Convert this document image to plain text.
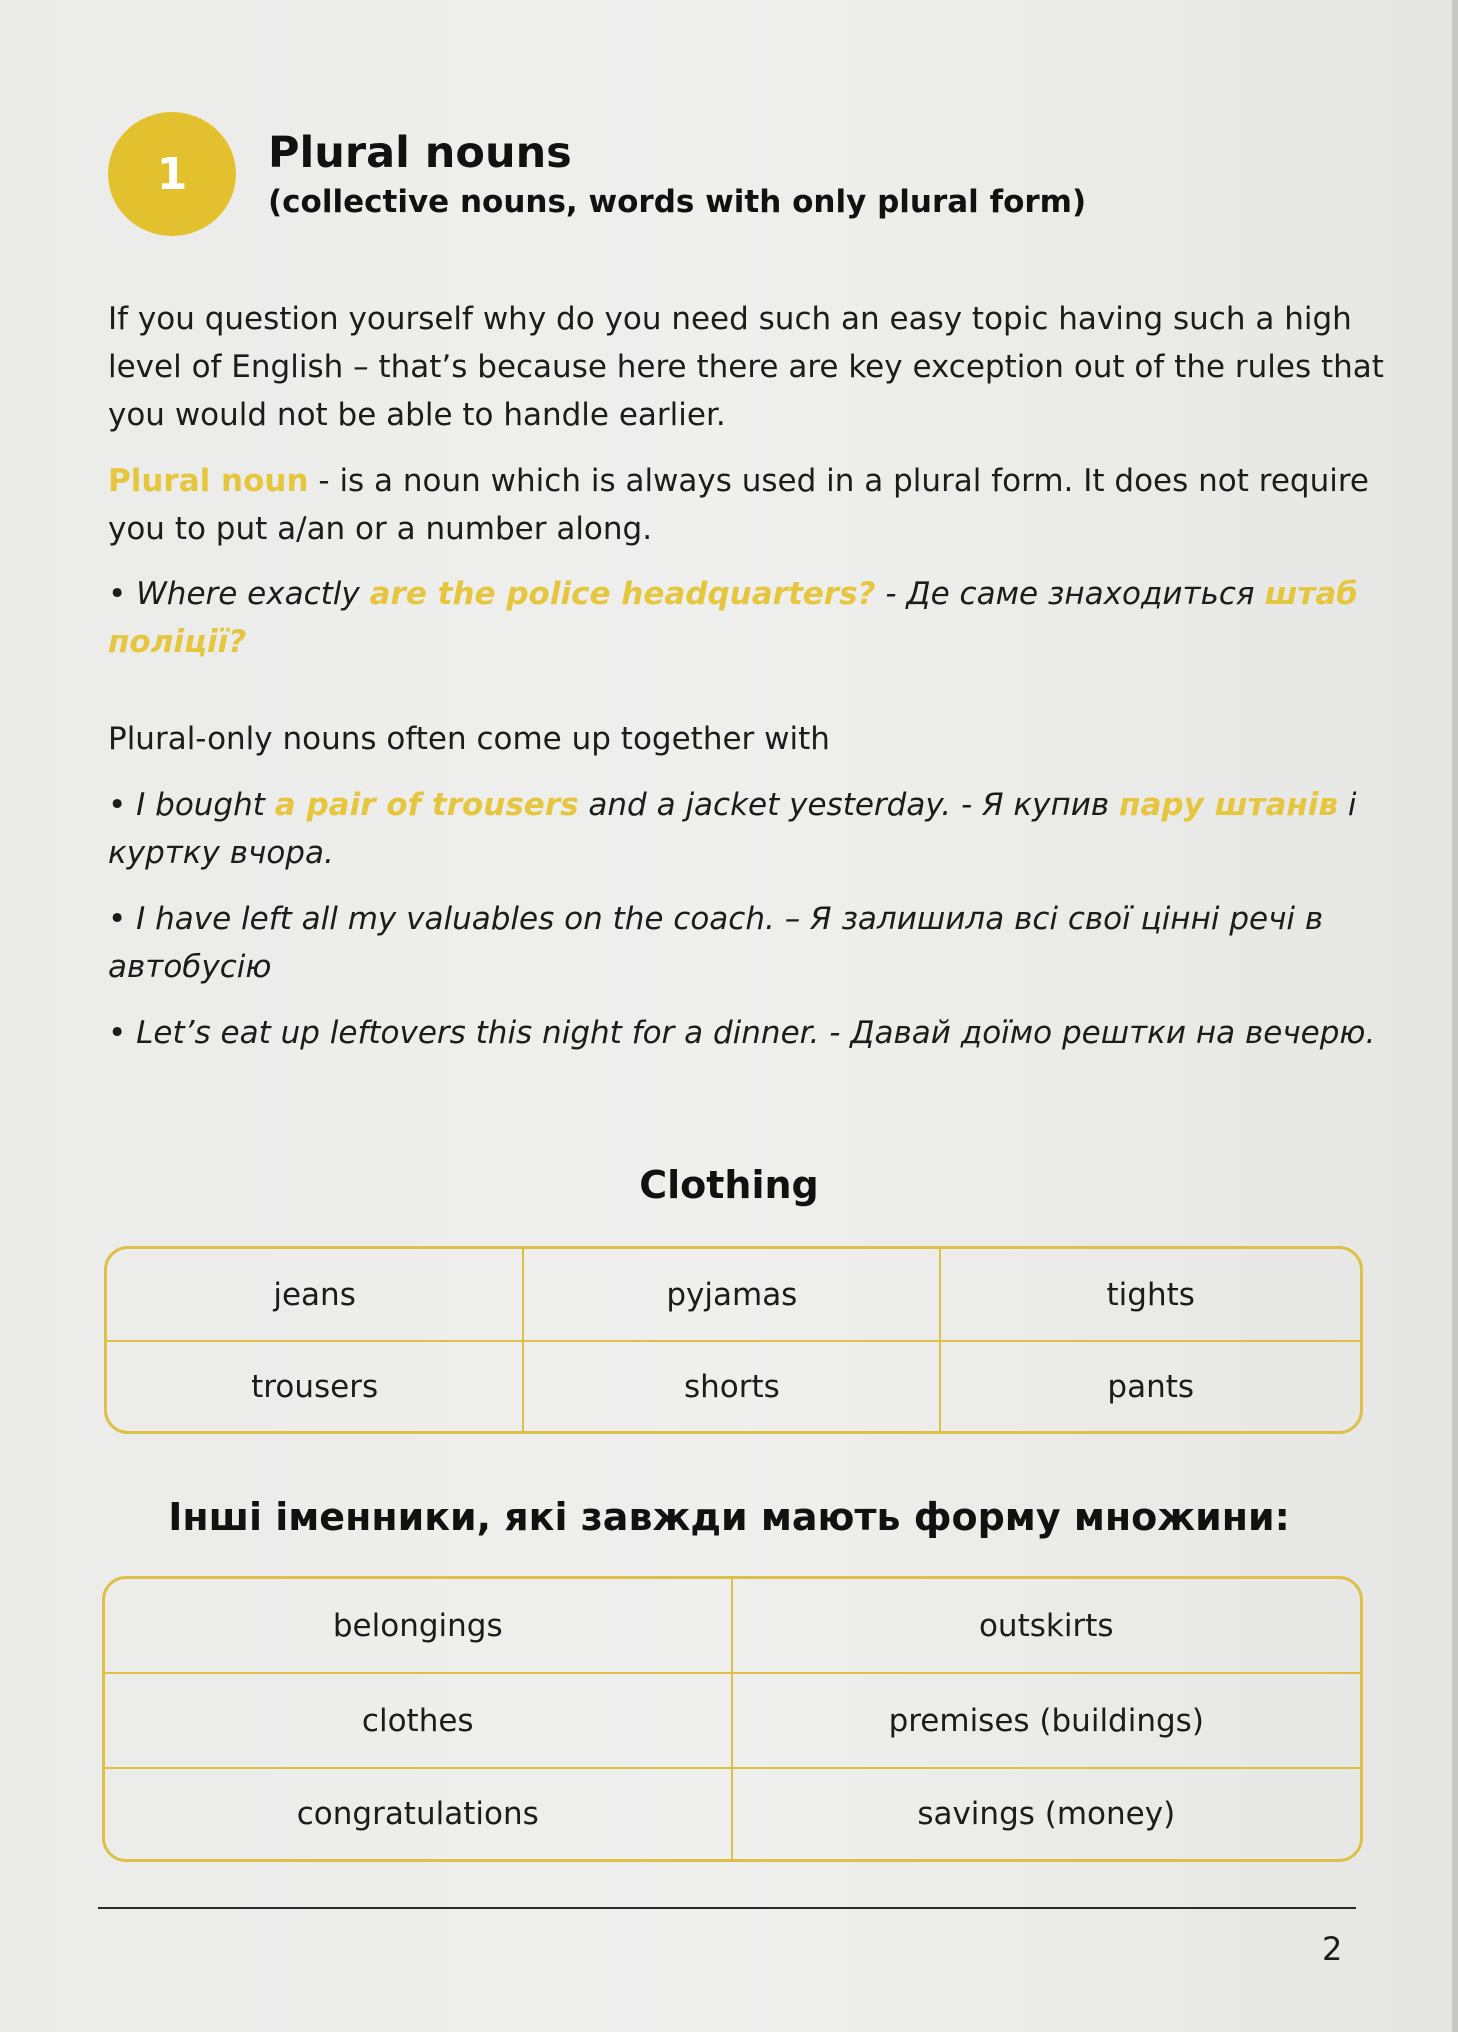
1 Plural nouns
(collective nouns, words with only plural form)
If you question yourself why do you need such an easy topic having such a high level of English – that’s because here there are key exception out of the rules that you would not be able to handle earlier.
Plural noun - is a noun which is always used in a plural form. It does not require you to put a/an or a number along.
• Where exactly are the police headquarters? - Де саме знаходиться штаб поліції?
Plural-only nouns often come up together with
• I bought a pair of trousers and a jacket yesterday. - Я купив пару штанів і куртку вчора.
• I have left all my valuables on the coach. – Я залишила всі свої цінні речі в автобусію
• Let’s eat up leftovers this night for a dinner. - Давай доїмо рештки на вечерю.
Clothing
jeans	pyjamas	tights
trousers	shorts	pants
Інші іменники, які завжди мають форму множини:
belongings	outskirts
clothes	premises (buildings)
congratulations	savings (money)
2
